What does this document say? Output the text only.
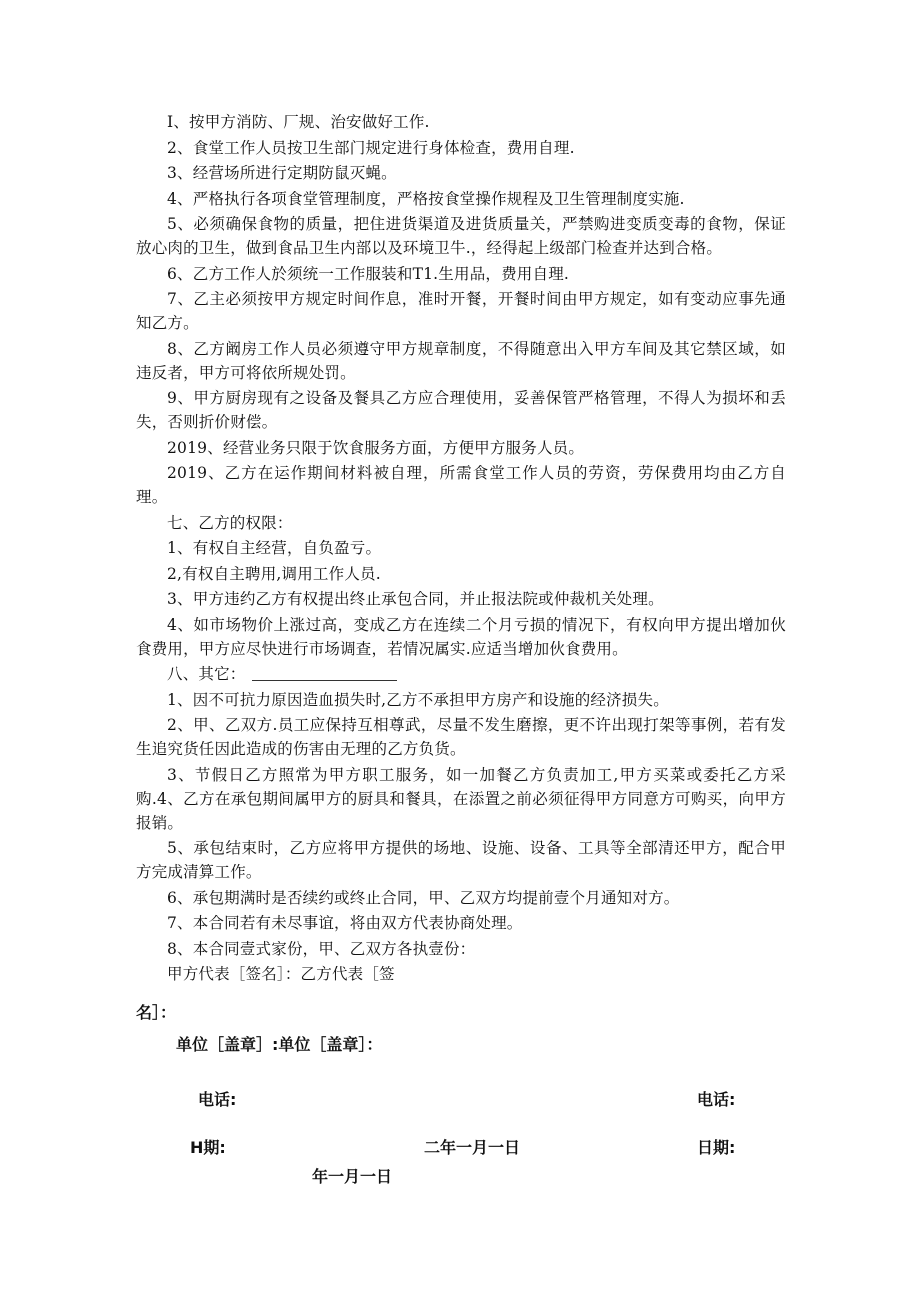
I、按甲方消防、厂规、治安做好工作.

2、食堂工作人员按卫生部门规定进行身体检查，费用自理.

3、经营场所进行定期防鼠灭蝇。

4、严格执行各项食堂管理制度，严格按食堂操作规程及卫生管理制度实施.

5、必须确保食物的质量，把住进货渠道及进货质量关，严禁购进变质变毒的食物，保证放心肉的卫生，做到食品卫生内部以及环境卫牛.，经得起上级部门检查并达到合格。

6、乙方工作人於须统一工作服装和T1.生用品，费用自理.

7、乙主必须按甲方规定时间作息，准时开餐，开餐时间由甲方规定，如有变动应事先通知乙方。

8、乙方阚房工作人员必须遵守甲方规章制度，不得随意出入甲方车间及其它禁区域，如违反者，甲方可将依所规处罚。

9、甲方厨房现有之设备及餐具乙方应合理使用，妥善保管严格管理，不得人为损坏和丢失，否则折价财偿。

2019、经营业务只限于饮食服务方面，方便甲方服务人员。

2019、乙方在运作期间材料被自理，所需食堂工作人员的劳资，劳保费用均由乙方自理。

七、乙方的权限：

1、有权自主经营，自负盈亏。

2,有权自主聘用,调用工作人员.

3、甲方违约乙方有权提出终止承包合同，并止报法院或仲裁机关处理。

4、如市场物价上涨过高，变成乙方在连续二个月亏损的情况下，有权向甲方提出增加伙食费用，甲方应尽快进行市场调查，若情况属实.应适当增加伙食费用。

八、其它：

1、因不可抗力原因造血损失时,乙方不承担甲方房产和设施的经济损失。

2、甲、乙双方.员工应保持互相尊武，尽量不发生磨擦，更不许出现打架等事例，若有发生追究货任因此造成的伤害由无理的乙方负货。

3、节假日乙方照常为甲方职工服务，如一加餐乙方负责加工,甲方买菜或委托乙方采购.4、乙方在承包期间属甲方的厨具和餐具，在添置之前必须征得甲方同意方可购买，向甲方报销。

5、承包结束时，乙方应将甲方提供的场地、设施、设备、工具等全部清还甲方，配合甲方完成清算工作。

6、承包期满时是否续约或终止合同，甲、乙双方均提前壹个月通知对方。

7、本合同若有未尽事谊，将由双方代表协商处理。

8、本合同壹式家份，甲、乙双方各执壹份：

甲方代表［签名］：乙方代表［签

名］：
单位［盖章］:单位［盖章］：
电话:	电话:
H期:	二年一月一日	日期:
年一月一日
